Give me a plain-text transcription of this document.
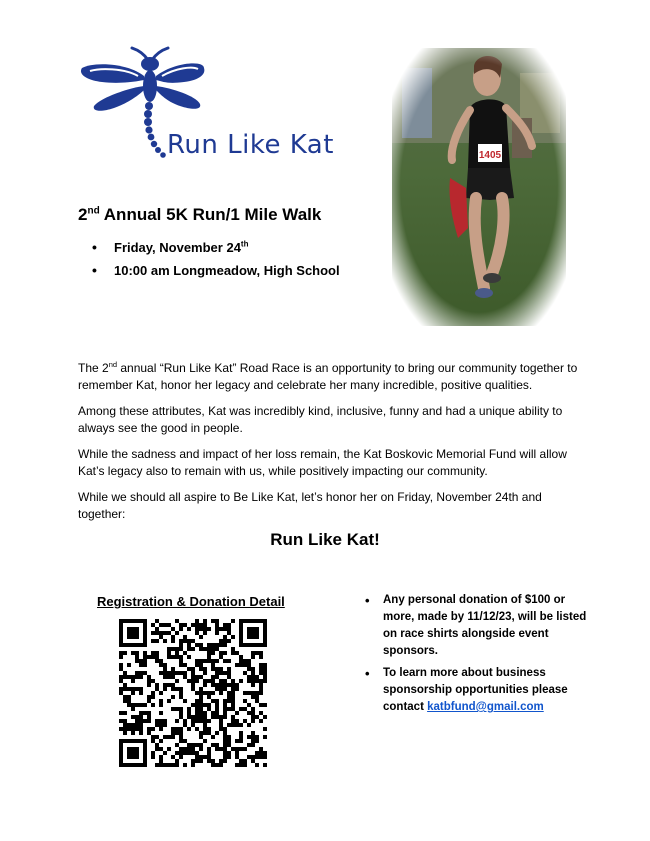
Run Like Kat
2nd Annual 5K Run/1 Mile Walk
• Friday, November 24th
• 10:00 am Longmeadow, High School

The 2nd annual “Run Like Kat” Road Race is an opportunity to bring our community together to remember Kat, honor her legacy and celebrate her many incredible, positive qualities.

Among these attributes, Kat was incredibly kind, inclusive, funny and had a unique ability to always see the good in people.

While the sadness and impact of her loss remain, the Kat Boskovic Memorial Fund will allow Kat’s legacy also to remain with us, while positively impacting our community.

While we should all aspire to Be Like Kat, let’s honor her on Friday, November 24th and together:

Run Like Kat!
Registration & Donation Detail
•	Any personal donation of $100 or more, made by 11/12/23, will be listed on race shirts alongside event sponsors.
• To learn more about business sponsorship opportunities please contact katbfund@gmail.com
